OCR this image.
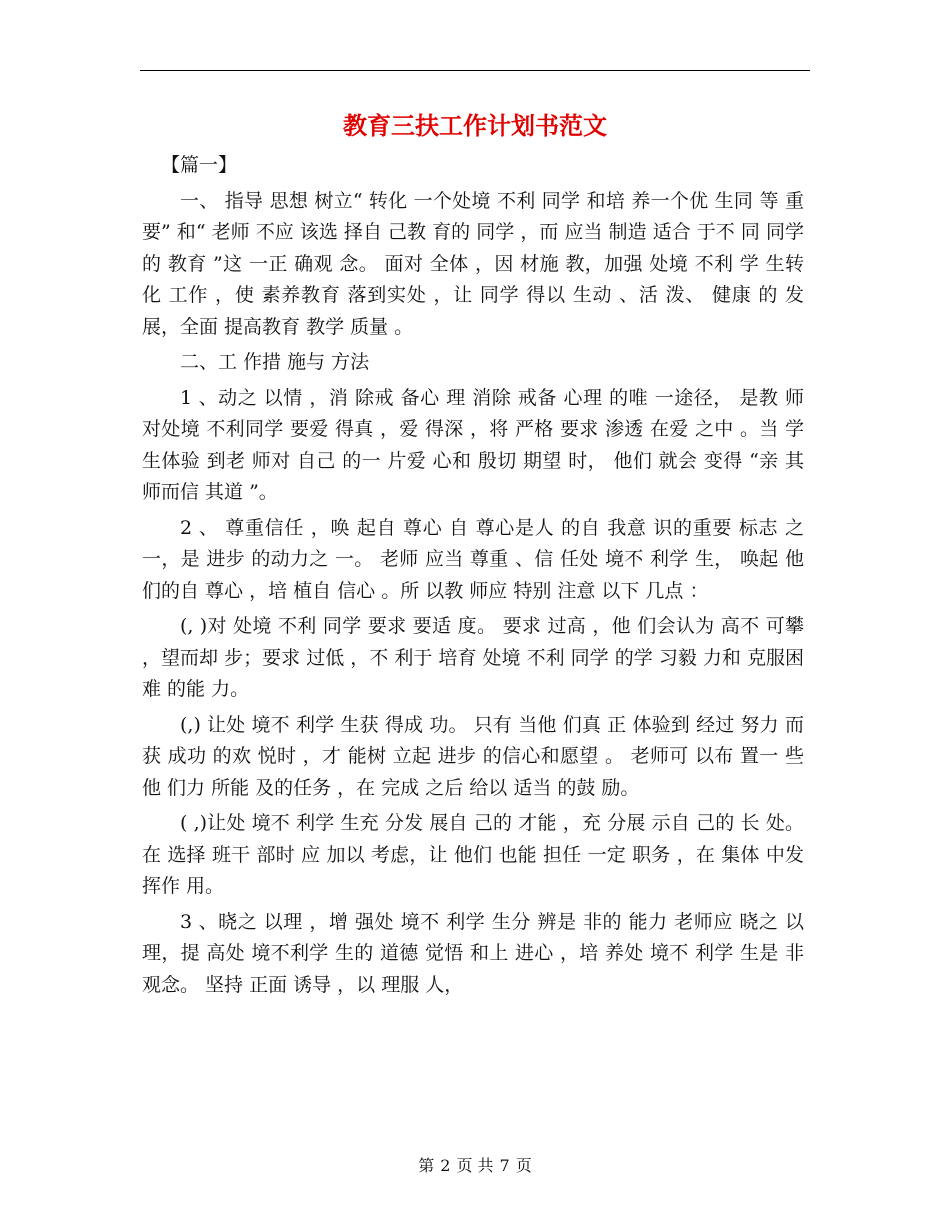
教育三扶工作计划书范文

【篇一】

一、 指导 思想 树立“ 转化 一个处境 不利 同学 和培 养一个优 生同 等 重要” 和“ 老师 不应 该选 择自 己教 育的 同学 ，而 应当 制造 适合 于不 同 同学的 教育 ”这 一正 确观 念。 面对 全体 ，因 材施 教，加强 处境 不利 学 生转化 工作 ，使 素养教育 落到实处 ，让 同学 得以 生动 、活 泼、 健康 的 发 展，全面 提高教育 教学 质量 。

二、工 作措 施与 方法

1 、动之 以情 ，消 除戒 备心 理 消除 戒备 心理 的唯 一途径， 是教 师 对处境 不利同学 要爱 得真 ，爱 得深 ，将 严格 要求 渗透 在爱 之中 。当 学 生体验 到老 师对 自己 的一 片爱 心和 殷切 期望 时， 他们 就会 变得 “亲 其 师而信 其道 ”。

2 、 尊重信任 ，唤 起自 尊心 自 尊心是人 的自 我意 识的重要 标志 之 一，是 进步 的动力之 一。 老师 应当 尊重 、信 任处 境不 利学 生， 唤起 他 们的自 尊心 ，培 植自 信心 。所 以教 师应 特别 注意 以下 几点 ：

(, )对 处境 不利 同学 要求 要适 度。 要求 过高 ，他 们会认为 高不 可攀 ，望而却 步；要求 过低 ，不 利于 培育 处境 不利 同学 的学 习毅 力和 克服困难 的能 力。

(,) 让处 境不 利学 生获 得成 功。 只有 当他 们真 正 体验到 经过 努力 而获 成功 的欢 悦时 ，才 能树 立起 进步 的信心和愿望 。 老师可 以布 置一 些他 们力 所能 及的任务 ，在 完成 之后 给以 适当 的鼓 励。

( ,)让处 境不 利学 生充 分发 展自 己的 才能 ，充 分展 示自 己的 长 处。在 选择 班干 部时 应 加以 考虑，让 他们 也能 担任 一定 职务 ，在 集体 中发挥作 用。

3 、晓之 以理 ，增 强处 境不 利学 生分 辨是 非的 能力 老师应 晓之 以 理，提 高处 境不利学 生的 道德 觉悟 和上 进心 ，培 养处 境不 利学 生是 非 观念。 坚持 正面 诱导 ，以 理服 人，

第 2 页 共 7 页
